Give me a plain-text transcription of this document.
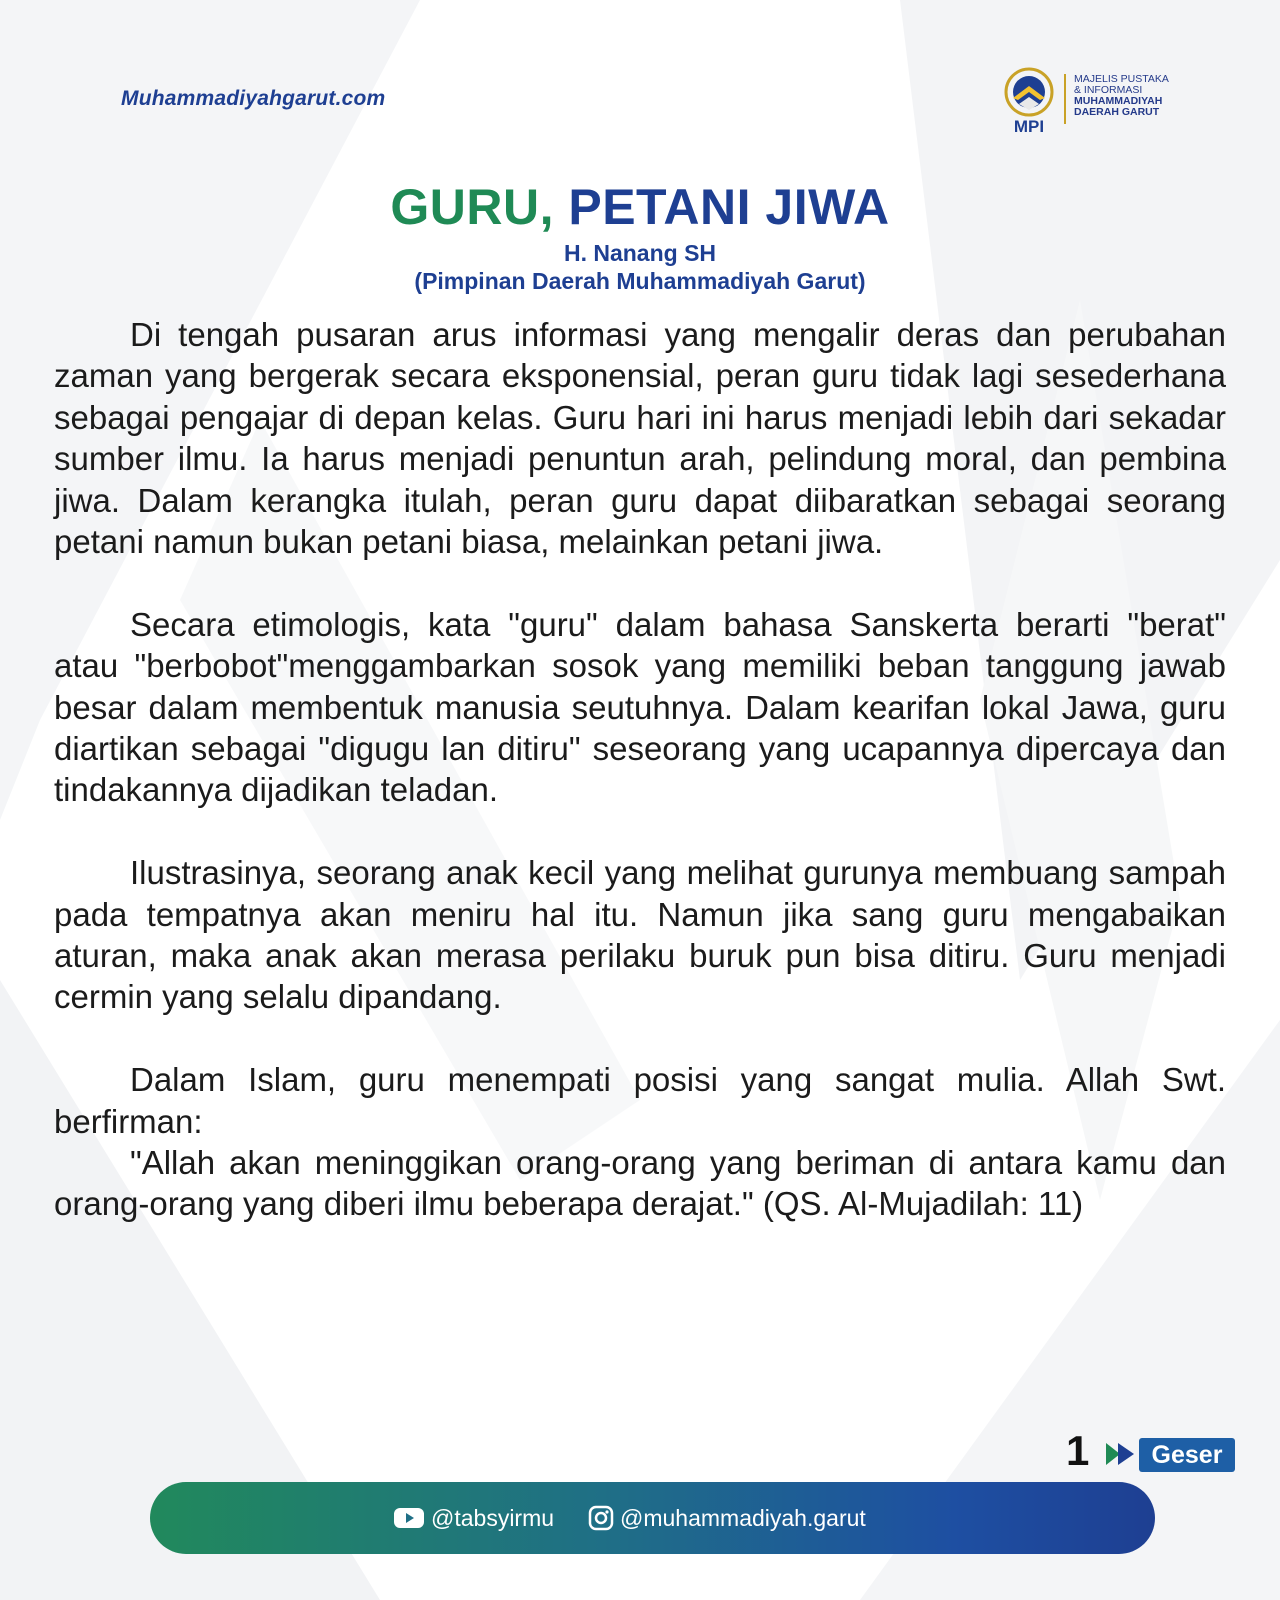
Muhammadiyahgarut.com
MPI
MAJELIS PUSTAKA
& INFORMASI
MUHAMMADIYAH
DAERAH GARUT
GURU, PETANI JIWA
H. Nanang SH
(Pimpinan Daerah Muhammadiyah Garut)

Di tengah pusaran arus informasi yang mengalir deras dan perubahan zaman yang bergerak secara eksponensial, peran guru tidak lagi sesederhana sebagai pengajar di depan kelas. Guru hari ini harus menjadi lebih dari sekadar sumber ilmu. Ia harus menjadi penuntun arah, pelindung moral, dan pembina jiwa. Dalam kerangka itulah, peran guru dapat diibaratkan sebagai seorang petani namun bukan petani biasa, melainkan petani jiwa.

Secara etimologis, kata "guru" dalam bahasa Sanskerta berarti "berat" atau "berbobot"menggambarkan sosok yang memiliki beban tanggung jawab besar dalam membentuk manusia seutuhnya. Dalam kearifan lokal Jawa, guru diartikan sebagai "digugu lan ditiru" seseorang yang ucapannya dipercaya dan tindakannya dijadikan teladan.

Ilustrasinya, seorang anak kecil yang melihat gurunya membuang sampah pada tempatnya akan meniru hal itu. Namun jika sang guru mengabaikan aturan, maka anak akan merasa perilaku buruk pun bisa ditiru. Guru menjadi cermin yang selalu dipandang.

Dalam Islam, guru menempati posisi yang sangat mulia. Allah Swt. berfirman:

"Allah akan meninggikan orang-orang yang beriman di antara kamu dan orang-orang yang diberi ilmu beberapa derajat." (QS. Al-Mujadilah: 11)

1	Geser
@tabsyirmu	@muhammadiyah.garut
